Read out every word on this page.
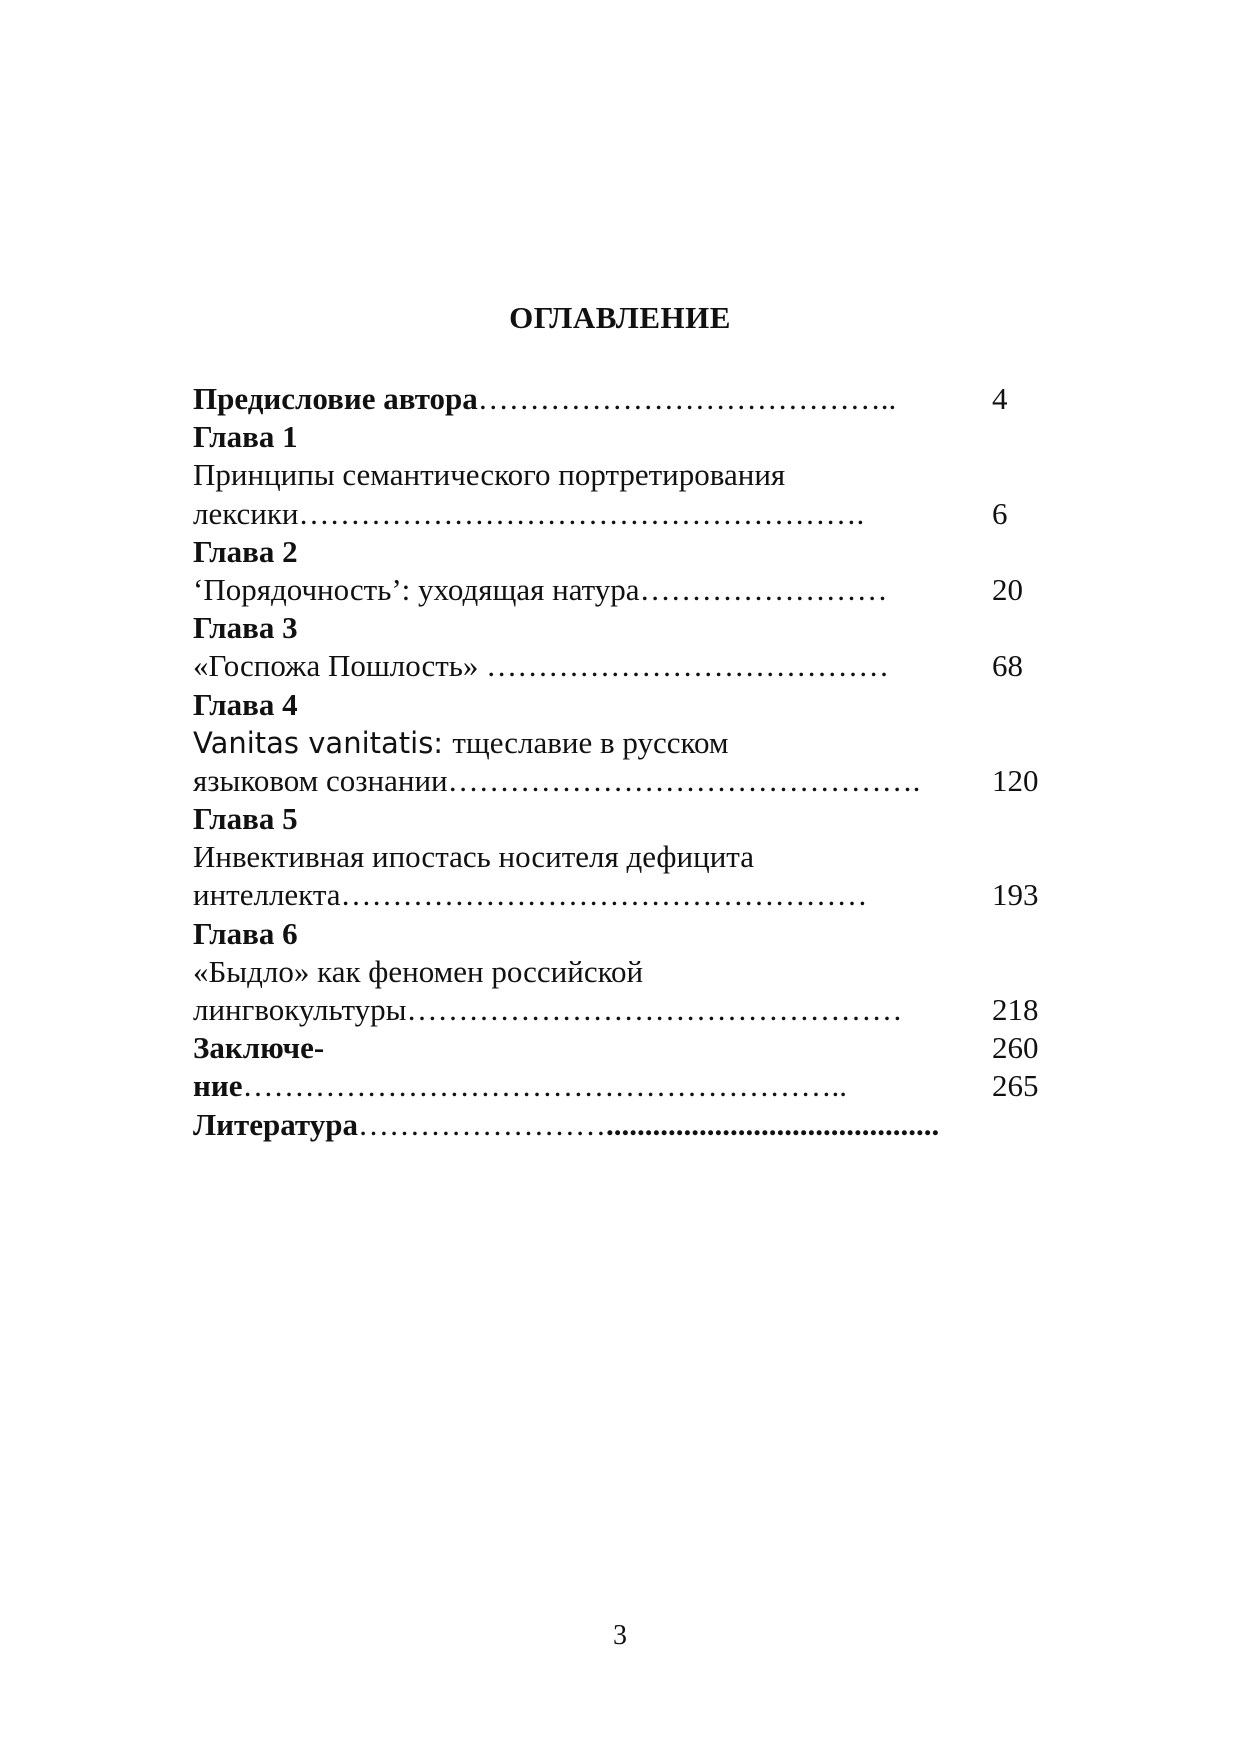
ОГЛАВЛЕНИЕ
Предисловие автора…………………………………..	4
Глава 1
Принципы семантического портретирования
лексики……………………………………………….	6
Глава 2
‘Порядочность’: уходящая натура……………………	20
Глава 3
«Госпожа Пошлость» …………………………………	68
Глава 4
Vanitas vanitatis: тщеславие в русском
языковом сознании………………………………………. 120
Глава 5
Инвективная ипостась носителя дефицита
интеллекта……………………………………………	193
Глава 6
«Быдло» как феномен российской
лингвокультуры…………………………………………	218
Заключе-	260
ние…………………………………………………..	265
Литература……………………...........................................
3
